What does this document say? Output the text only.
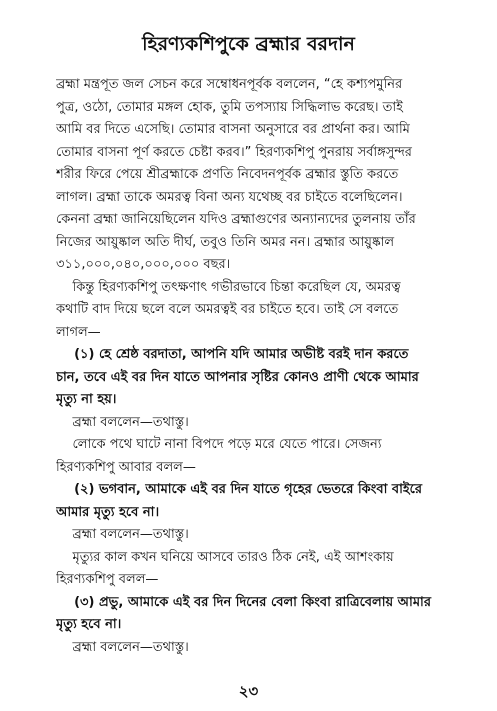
হিরণ্যকশিপুকে ব্রহ্মার বরদান
ব্রহ্মা মন্ত্রপূত জল সেচন করে সম্বোধনপূর্বক বললেন, “হে কশ্যপমুনির
পুত্র, ওঠো, তোমার মঙ্গল হোক, তুমি তপস্যায় সিদ্ধিলাভ করেছ। তাই
আমি বর দিতে এসেছি। তোমার বাসনা অনুসারে বর প্রার্থনা কর। আমি
তোমার বাসনা পূর্ণ করতে চেষ্টা করব।” হিরণ্যকশিপু পুনরায় সর্বাঙ্গসুন্দর
শরীর ফিরে পেয়ে শ্রীব্রহ্মাকে প্রণতি নিবেদনপূর্বক ব্রহ্মার স্তুতি করতে
লাগল। ব্রহ্মা তাকে অমরত্ব বিনা অন্য যথেচ্ছ বর চাইতে বলেছিলেন।
কেননা ব্রহ্মা জানিয়েছিলেন যদিও ব্রহ্মাগুণের অন্যান্যদের তুলনায় তাঁর
নিজের আয়ুষ্কাল অতি দীর্ঘ, তবুও তিনি অমর নন। ব্রহ্মার আয়ুষ্কাল
৩১১,০০০,০৪০,০০০,০০০ বছর।
কিন্তু হিরণ্যকশিপু তৎক্ষণাৎ গভীরভাবে চিন্তা করেছিল যে, অমরত্ব
কথাটি বাদ দিয়ে ছলে বলে অমরত্বই বর চাইতে হবে। তাই সে বলতে
লাগল—
(১) হে শ্রেষ্ঠ বরদাতা, আপনি যদি আমার অভীষ্ট বরই দান করতে
চান, তবে এই বর দিন যাতে আপনার সৃষ্টির কোনও প্রাণী থেকে আমার
মৃত্যু না হয়।
ব্রহ্মা বললেন—তথাস্তু।
লোকে পথে ঘাটে নানা বিপদে পড়ে মরে যেতে পারে। সেজন্য
হিরণ্যকশিপু আবার বলল—
(২) ভগবান, আমাকে এই বর দিন যাতে গৃহের ভেতরে কিংবা বাইরে
আমার মৃত্যু হবে না।
ব্রহ্মা বললেন—তথাস্তু।
মৃত্যুর কাল কখন ঘনিয়ে আসবে তারও ঠিক নেই, এই আশংকায়
হিরণ্যকশিপু বলল—
(৩) প্রভু, আমাকে এই বর দিন দিনের বেলা কিংবা রাত্রিবেলায় আমার
মৃত্যু হবে না।
ব্রহ্মা বললেন—তথাস্তু।
২৩
